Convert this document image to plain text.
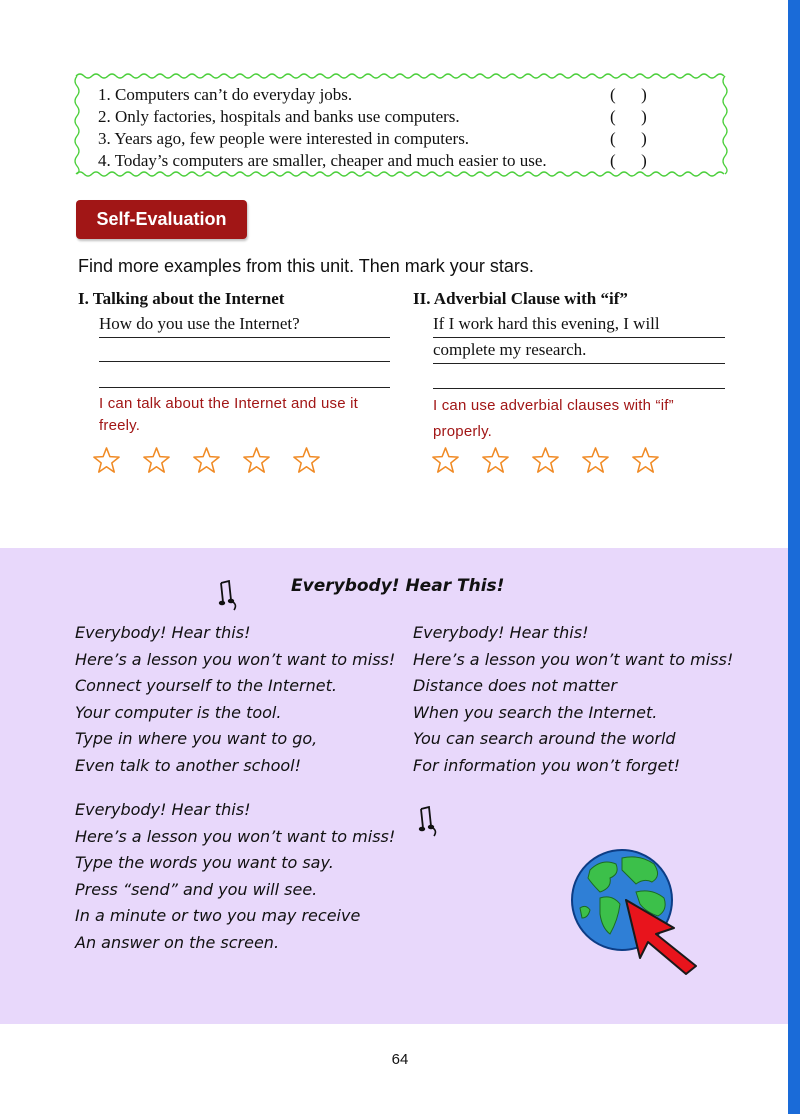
1. Computers can’t do everyday jobs.
2. Only factories, hospitals and banks use computers.
3. Years ago, few people were interested in computers.
4. Today’s computers are smaller, cheaper and much easier to use.
(      )
(      )
(      )
(      )
Self-Evaluation
Find more examples from this unit. Then mark your stars.
I. Talking about the Internet
How do you use the Internet?
I can talk about the Internet and use it freely.
II. Adverbial Clause with “if”
If I work hard this evening, I will
complete my research.
I can use adverbial clauses with “if” properly.
Everybody! Hear This!
Everybody! Hear this!
Here’s a lesson you won’t want to miss!
Connect yourself to the Internet.
Your computer is the tool.
Type in where you want to go,
Even talk to another school!
Everybody! Hear this!
Here’s a lesson you won’t want to miss!
Distance does not matter
When you search the Internet.
You can search around the world
For information you won’t forget!
Everybody! Hear this!
Here’s a lesson you won’t want to miss!
Type the words you want to say.
Press “send” and you will see.
In a minute or two you may receive
An answer on the screen.
64
